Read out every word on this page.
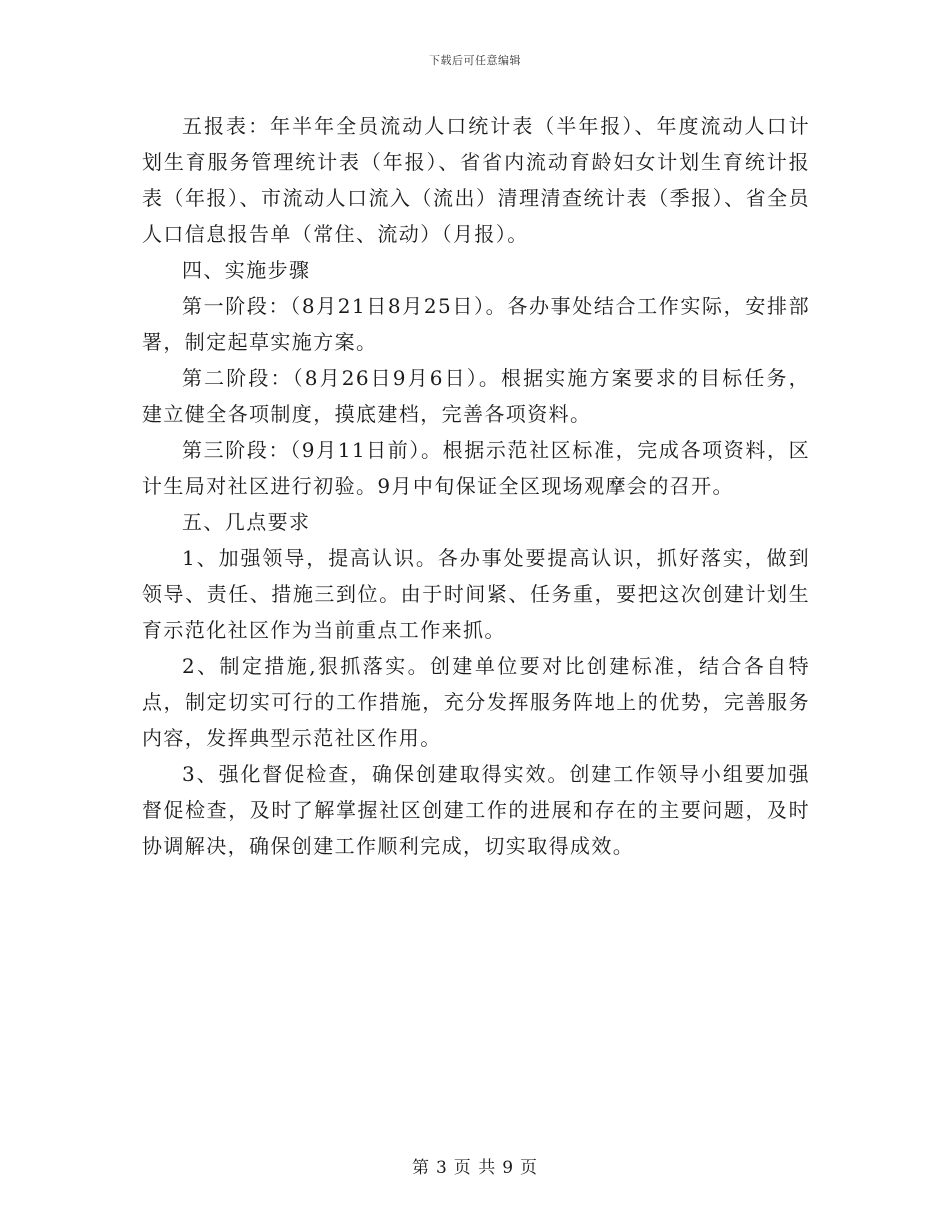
下载后可任意编辑

五报表：年半年全员流动人口统计表（半年报）、年度流动人口计划生育服务管理统计表（年报）、省省内流动育龄妇女计划生育统计报表（年报）、市流动人口流入（流出）清理清查统计表（季报）、省全员人口信息报告单（常住、流动）（月报）。

四、实施步骤

第一阶段：（8月21日8月25日）。各办事处结合工作实际，安排部署，制定起草实施方案。

第二阶段：（8月26日9月6日）。根据实施方案要求的目标任务，建立健全各项制度，摸底建档，完善各项资料。

第三阶段：（9月11日前）。根据示范社区标准，完成各项资料，区计生局对社区进行初验。9月中旬保证全区现场观摩会的召开。

五、几点要求

1、加强领导，提高认识。各办事处要提高认识，抓好落实，做到领导、责任、措施三到位。由于时间紧、任务重，要把这次创建计划生育示范化社区作为当前重点工作来抓。

2、制定措施,狠抓落实。创建单位要对比创建标准，结合各自特点，制定切实可行的工作措施，充分发挥服务阵地上的优势，完善服务内容，发挥典型示范社区作用。

3、强化督促检查，确保创建取得实效。创建工作领导小组要加强督促检查，及时了解掌握社区创建工作的进展和存在的主要问题，及时协调解决，确保创建工作顺利完成，切实取得成效。

第 3 页 共 9 页
